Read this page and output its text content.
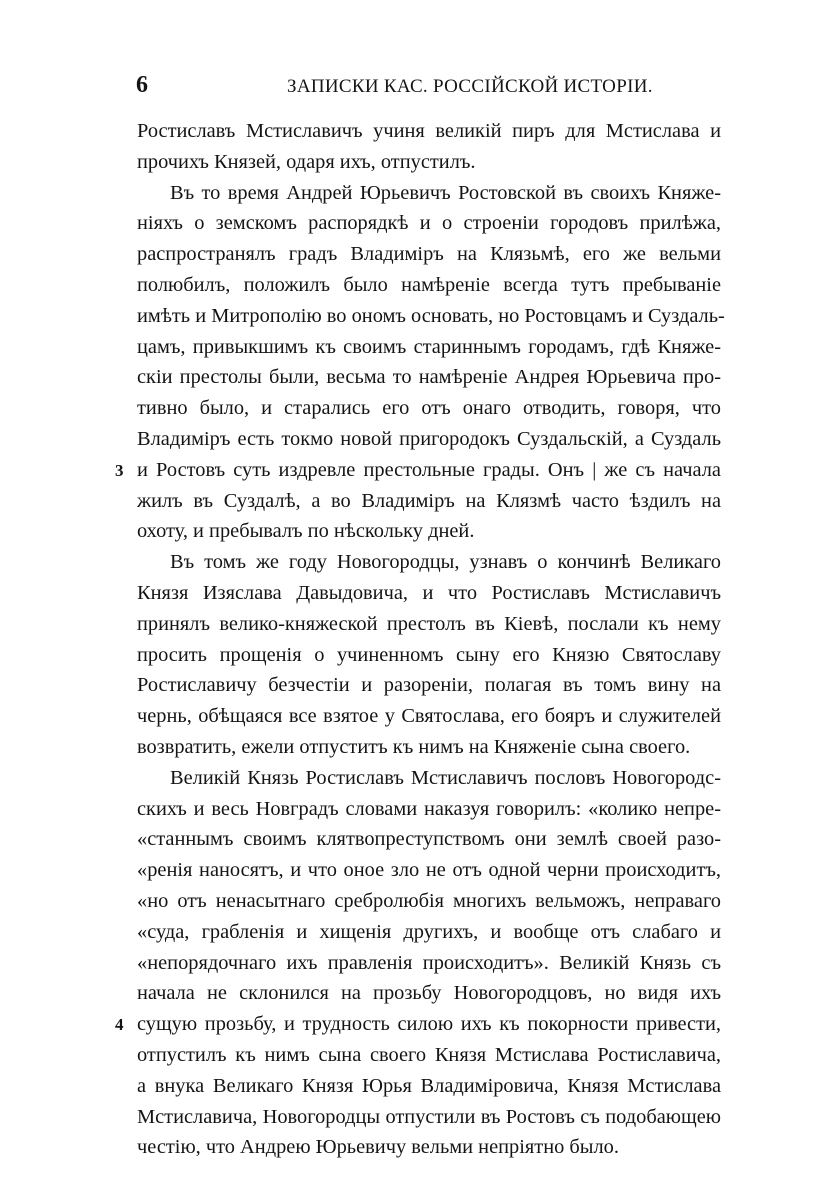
6	ЗАПИСКИ КАС. РОССІЙСКОЙ ИСТОРІИ.
Ростиславъ Мстиславичъ учиня великій пиръ для Мстислава и
прочихъ Князей, одаря ихъ, отпустилъ.
Въ то время Андрей Юрьевичъ Ростовской въ своихъ Княже-
ніяхъ о земскомъ распорядкѣ и о строеніи городовъ прилѣжа,
распространялъ градъ Владиміръ на Клязьмѣ, его же вельми
полюбилъ, положилъ было намѣреніе всегда тутъ пребываніе
имѣть и Митрополію во ономъ основать, но Ростовцамъ и Суздаль-
цамъ, привыкшимъ къ своимъ стариннымъ городамъ, гдѣ Княже-
скіи престолы были, весьма то намѣреніе Андрея Юрьевича про-
тивно было, и старались его отъ онаго отводить, говоря, что
Владиміръ есть токмо новой пригородокъ Суздальскій, а Суздаль
и Ростовъ суть издревле престольные грады. Онъ | же съ начала
жилъ въ Суздалѣ, а во Владиміръ на Клязмѣ часто ѣздилъ на
охоту, и пребывалъ по нѣскольку дней.
Въ томъ же году Новогородцы, узнавъ о кончинѣ Великаго
Князя Изяслава Давыдовича, и что Ростиславъ Мстиславичъ
принялъ велико-княжеской престолъ въ Кіевѣ, послали къ нему
просить прощенія о учиненномъ сыну его Князю Святославу
Ростиславичу безчестіи и разореніи, полагая въ томъ вину на
чернь, обѣщаяся все взятое у Святослава, его бояръ и служителей
возвратить, ежели отпуститъ къ нимъ на Княженіе сына своего.
Великій Князь Ростиславъ Мстиславичъ пословъ Новогородс-
скихъ и весь Новградъ словами наказуя говорилъ: «колико непре-
«станнымъ своимъ клятвопреступствомъ они землѣ своей разо-
«ренія наносятъ, и что оное зло не отъ одной черни происходитъ,
«но отъ ненасытнаго сребролюбія многихъ вельможъ, неправаго
«суда, грабленія и хищенія другихъ, и вообще отъ слабаго и
«непорядочнаго ихъ правленія происходитъ». Великій Князь съ
начала не склонился на прозьбу Новогородцовъ, но видя ихъ
сущую прозьбу, и трудность силою ихъ къ покорности привести,
отпустилъ къ нимъ сына своего Князя Мстислава Ростиславича,
а внука Великаго Князя Юрья Владиміровича, Князя Мстислава
Мстиславича, Новогородцы отпустили въ Ростовъ съ подобающею
честію, что Андрею Юрьевичу вельми непріятно было.
3
4
